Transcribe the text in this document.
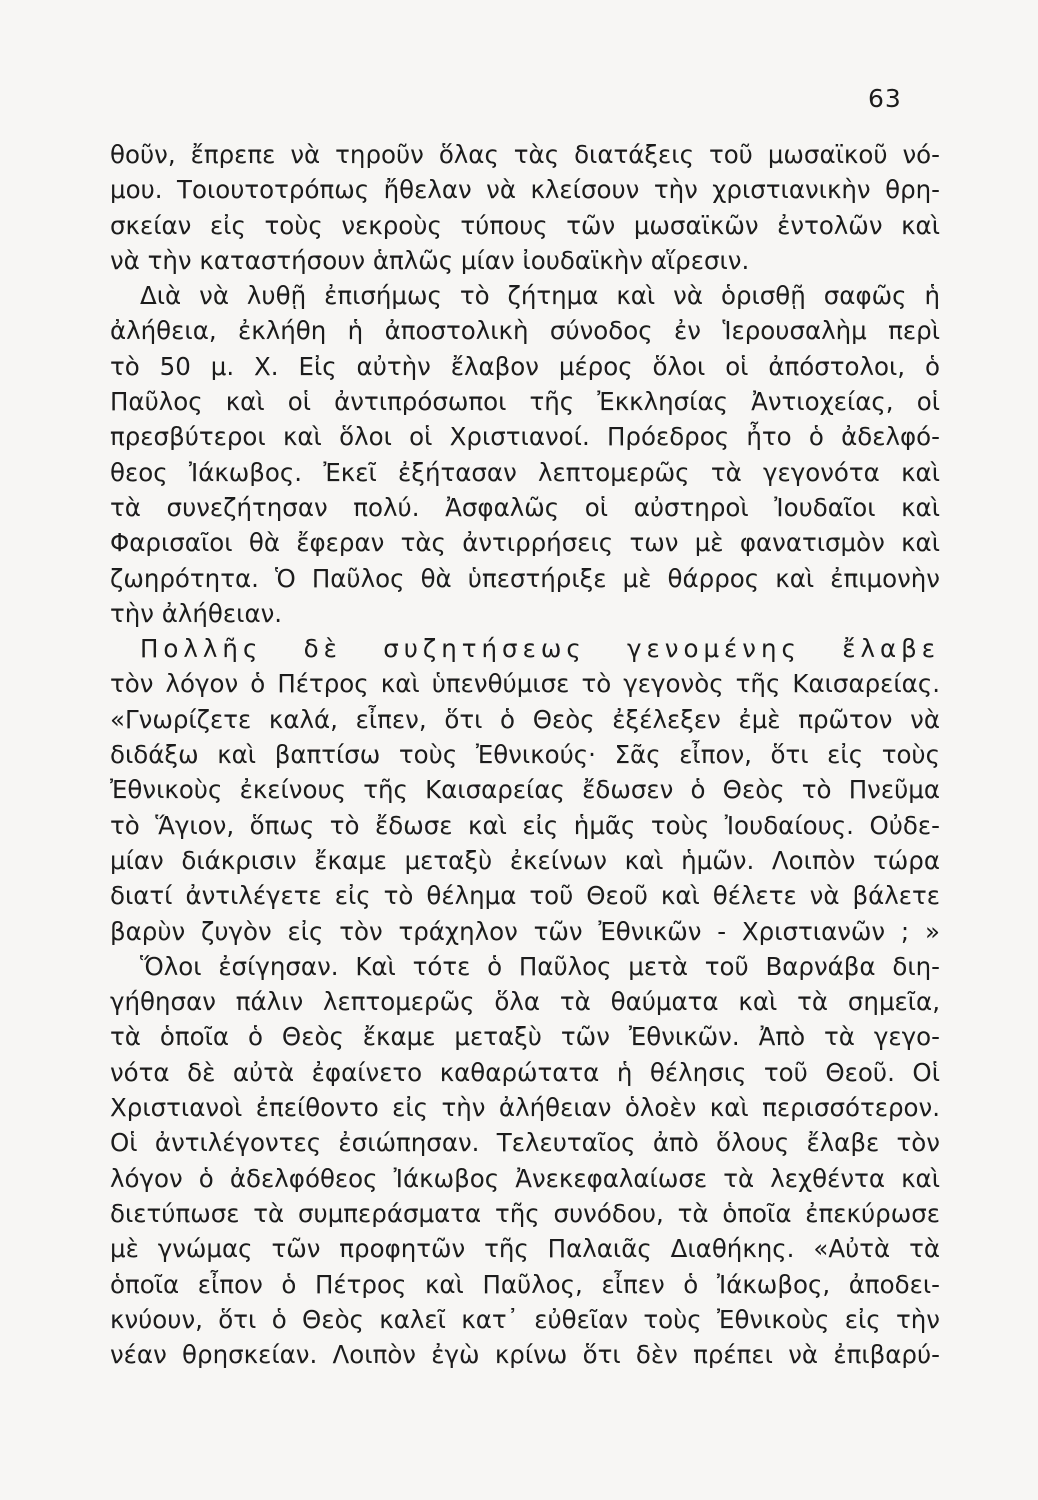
63
θοῦν, ἔπρεπε νὰ τηροῦν ὅλας τὰς διατάξεις τοῦ μωσαϊκοῦ νό-
μου. Τοιουτοτρόπως ἤθελαν νὰ κλείσουν τὴν χριστιανικὴν θρη-
σκείαν εἰς τοὺς νεκροὺς τύπους τῶν μωσαϊκῶν ἐντολῶν καὶ
νὰ τὴν καταστήσουν ἁπλῶς μίαν ἰουδαϊκὴν αἵρεσιν.
Διὰ νὰ λυθῇ ἐπισήμως τὸ ζήτημα καὶ νὰ ὁρισθῇ σαφῶς ἡ
ἀλήθεια, ἐκλήθη ἡ ἀποστολικὴ σύνοδος ἐν Ἱερουσαλὴμ περὶ
τὸ 50 μ. Χ. Εἰς αὐτὴν ἔλαβον μέρος ὅλοι οἱ ἀπόστολοι, ὁ
Παῦλος καὶ οἱ ἀντιπρόσωποι τῆς Ἐκκλησίας Ἀντιοχείας, οἱ
πρεσβύτεροι καὶ ὅλοι οἱ Χριστιανοί. Πρόεδρος ἦτο ὁ ἀδελφό-
θεος Ἰάκωβος. Ἐκεῖ ἐξήτασαν λεπτομερῶς τὰ γεγονότα καὶ
τὰ συνεζήτησαν πολύ. Ἀσφαλῶς οἱ αὐστηροὶ Ἰουδαῖοι καὶ
Φαρισαῖοι θὰ ἔφεραν τὰς ἀντιρρήσεις των μὲ φανατισμὸν καὶ
ζωηρότητα. Ὁ Παῦλος θὰ ὑπεστήριξε μὲ θάρρος καὶ ἐπιμονὴν
τὴν ἀλήθειαν.
Πολλῆς δὲ συζητήσεως γενομένης ἔλαβε
τὸν λόγον ὁ Πέτρος καὶ ὑπενθύμισε τὸ γεγονὸς τῆς Καισαρείας.
«Γνωρίζετε καλά, εἶπεν, ὅτι ὁ Θεὸς ἐξέλεξεν ἐμὲ πρῶτον νὰ
διδάξω καὶ βαπτίσω τοὺς Ἐθνικούς· Σᾶς εἶπον, ὅτι εἰς τοὺς
Ἐθνικοὺς ἐκείνους τῆς Καισαρείας ἔδωσεν ὁ Θεὸς τὸ Πνεῦμα
τὸ Ἅγιον, ὅπως τὸ ἔδωσε καὶ εἰς ἡμᾶς τοὺς Ἰουδαίους. Οὐδε-
μίαν διάκρισιν ἔκαμε μεταξὺ ἐκείνων καὶ ἡμῶν. Λοιπὸν τώρα
διατί ἀντιλέγετε εἰς τὸ θέλημα τοῦ Θεοῦ καὶ θέλετε νὰ βάλετε
βαρὺν ζυγὸν εἰς τὸν τράχηλον τῶν Ἐθνικῶν - Χριστιανῶν ; »
Ὅλοι ἐσίγησαν. Καὶ τότε ὁ Παῦλος μετὰ τοῦ Βαρνάβα διη-
γήθησαν πάλιν λεπτομερῶς ὅλα τὰ θαύματα καὶ τὰ σημεῖα,
τὰ ὁποῖα ὁ Θεὸς ἔκαμε μεταξὺ τῶν Ἐθνικῶν. Ἀπὸ τὰ γεγο-
νότα δὲ αὐτὰ ἐφαίνετο καθαρώτατα ἡ θέλησις τοῦ Θεοῦ. Οἱ
Χριστιανοὶ ἐπείθοντο εἰς τὴν ἀλήθειαν ὁλοὲν καὶ περισσότερον.
Οἱ ἀντιλέγοντες ἐσιώπησαν. Τελευταῖος ἀπὸ ὅλους ἔλαβε τὸν
λόγον ὁ ἀδελφόθεος Ἰάκωβος Ἀνεκεφαλαίωσε τὰ λεχθέντα καὶ
διετύπωσε τὰ συμπεράσματα τῆς συνόδου, τὰ ὁποῖα ἐπεκύρωσε
μὲ γνώμας τῶν προφητῶν τῆς Παλαιᾶς Διαθήκης. «Αὐτὰ τὰ
ὁποῖα εἶπον ὁ Πέτρος καὶ Παῦλος, εἶπεν ὁ Ἰάκωβος, ἀποδει-
κνύουν, ὅτι ὁ Θεὸς καλεῖ κατ᾽ εὐθεῖαν τοὺς Ἐθνικοὺς εἰς τὴν
νέαν θρησκείαν. Λοιπὸν ἐγὼ κρίνω ὅτι δὲν πρέπει νὰ ἐπιβαρύ-
